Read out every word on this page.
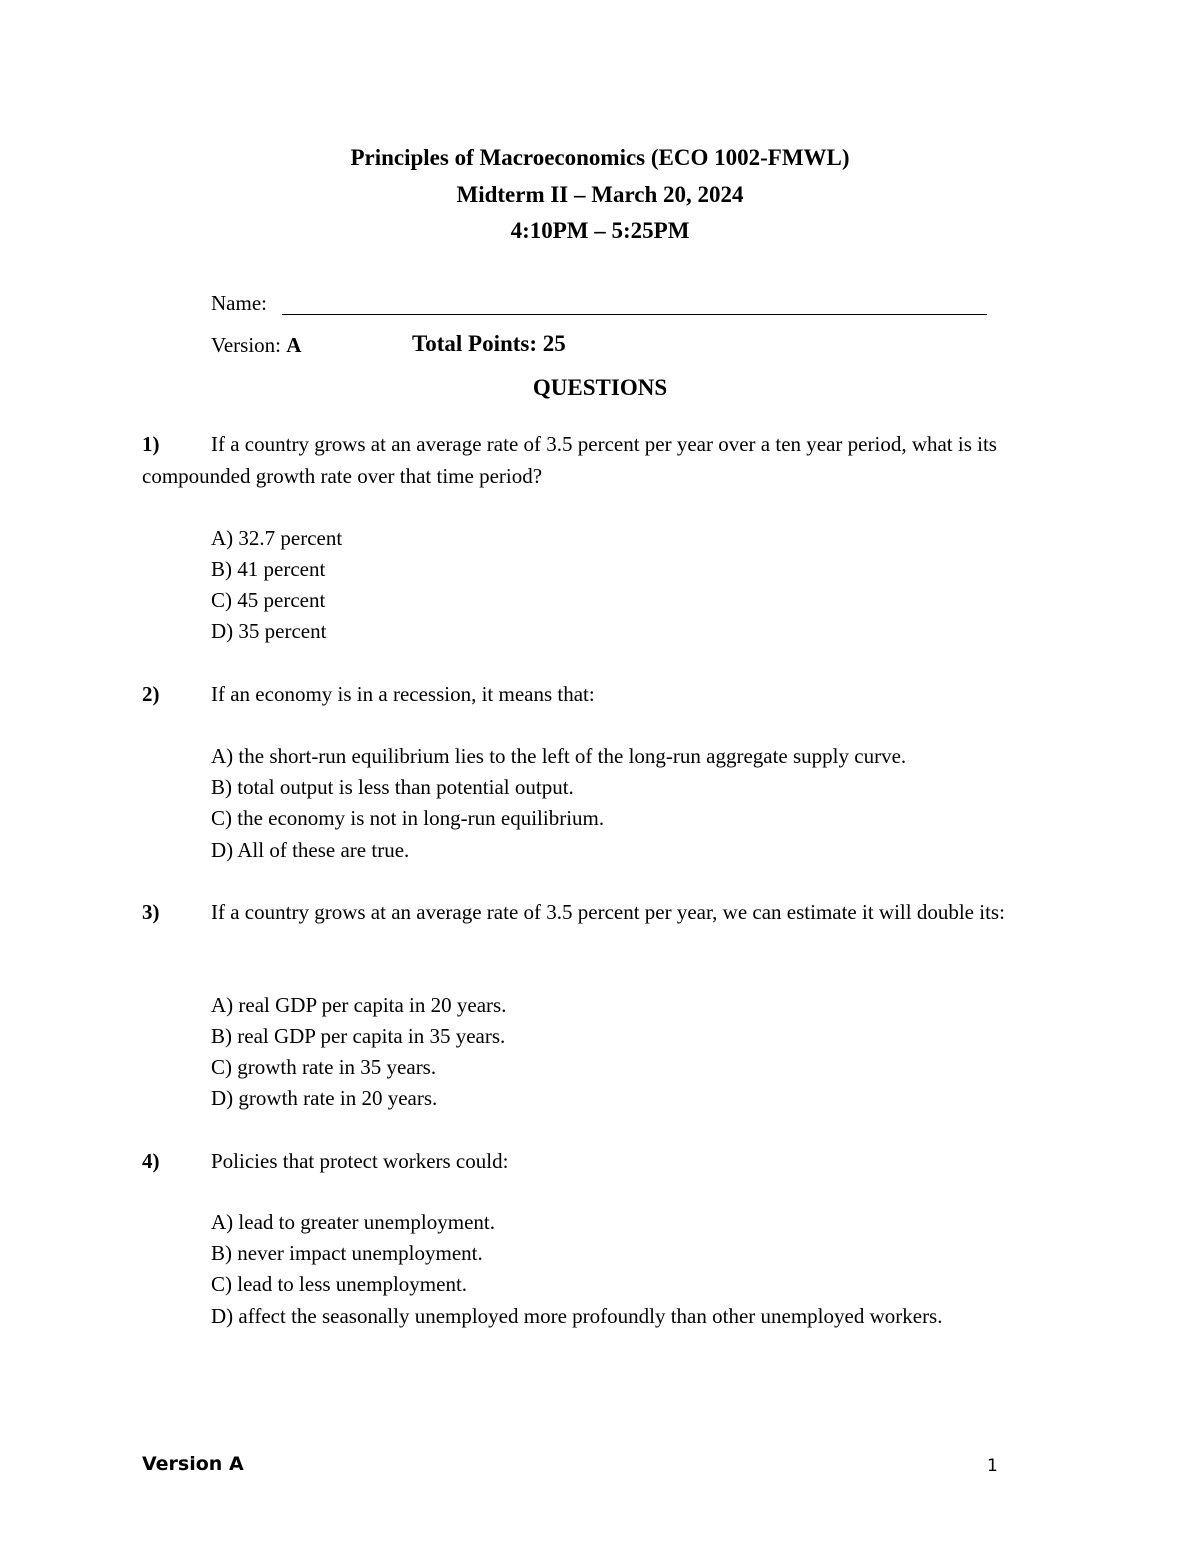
Principles of Macroeconomics (ECO 1002-FMWL)
Midterm II – March 20, 2024
4:10PM – 5:25PM
Name:
Version: A	Total Points: 25
QUESTIONS
1)	If a country grows at an average rate of 3.5 percent per year over a ten year period, what is its compounded growth rate over that time period?
A) 32.7 percent
B) 41 percent
C) 45 percent
D) 35 percent
2) If an economy is in a recession, it means that:
A) the short-run equilibrium lies to the left of the long-run aggregate supply curve.
B) total output is less than potential output.
C) the economy is not in long-run equilibrium.
D) All of these are true.
3)	If a country grows at an average rate of 3.5 percent per year, we can estimate it will double its:
A) real GDP per capita in 20 years.
B) real GDP per capita in 35 years.
C) growth rate in 35 years.
D) growth rate in 20 years.
4) Policies that protect workers could:
A) lead to greater unemployment.
B) never impact unemployment.
C) lead to less unemployment.
D) affect the seasonally unemployed more profoundly than other unemployed workers.
Version A	1
